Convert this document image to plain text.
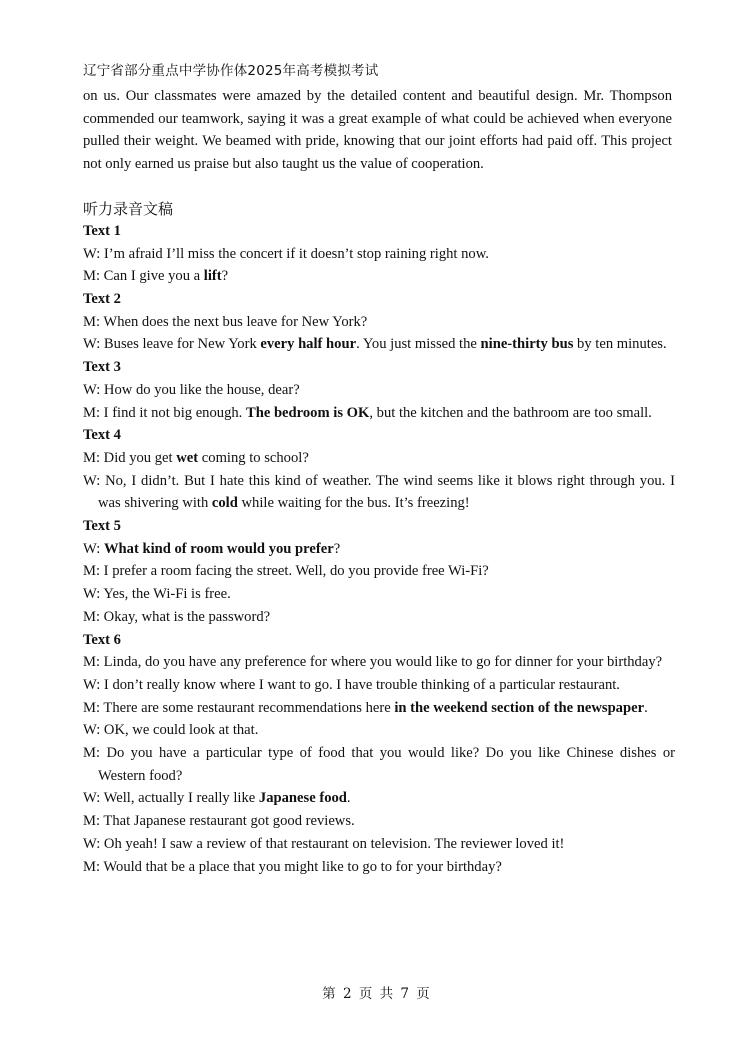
辽宁省部分重点中学协作体2025年高考模拟考试

on us. Our classmates were amazed by the detailed content and beautiful design. Mr. Thompson commended our teamwork, saying it was a great example of what could be achieved when everyone pulled their weight. We beamed with pride, knowing that our joint efforts had paid off. This project not only earned us praise but also taught us the value of cooperation.

听力录音文稿
Text 1
W: I’m afraid I’ll miss the concert if it doesn’t stop raining right now.
M: Can I give you a lift?
Text 2
M: When does the next bus leave for New York?
W: Buses leave for New York every half hour. You just missed the nine-thirty bus by ten minutes.
Text 3
W: How do you like the house, dear?
M: I find it not big enough. The bedroom is OK, but the kitchen and the bathroom are too small.
Text 4
M: Did you get wet coming to school?
W: No, I didn’t. But I hate this kind of weather. The wind seems like it blows right through you. I was shivering with cold while waiting for the bus. It’s freezing!
Text 5
W: What kind of room would you prefer?
M: I prefer a room facing the street. Well, do you provide free Wi-Fi?
W: Yes, the Wi-Fi is free.
M: Okay, what is the password?
Text 6
M: Linda, do you have any preference for where you would like to go for dinner for your birthday?
W: I don’t really know where I want to go. I have trouble thinking of a particular restaurant.
M: There are some restaurant recommendations here in the weekend section of the newspaper.
W: OK, we could look at that.
M: Do you have a particular type of food that you would like? Do you like Chinese dishes or Western food?
W: Well, actually I really like Japanese food.
M: That Japanese restaurant got good reviews.
W: Oh yeah! I saw a review of that restaurant on television. The reviewer loved it!
M: Would that be a place that you might like to go to for your birthday?
第 2 页 共 7 页
